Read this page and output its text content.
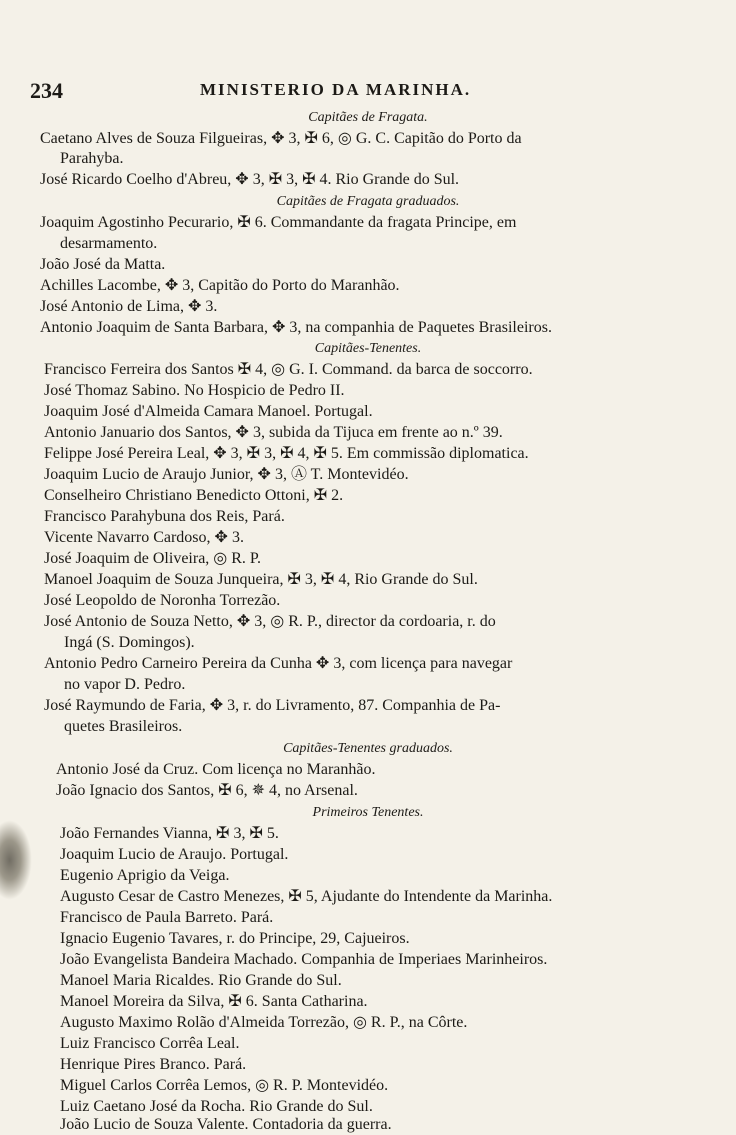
234	MINISTERIO DA MARINHA.
Capitães de Fragata.
Caetano Alves de Souza Filgueiras, ✥ 3, ✠ 6, ◎ G. C. Capitão do Porto da
Parahyba.
José Ricardo Coelho d'Abreu, ✥ 3, ✠ 3, ✠ 4. Rio Grande do Sul.
Capitães de Fragata graduados.
Joaquim Agostinho Pecurario, ✠ 6. Commandante da fragata Principe, em
desarmamento.
João José da Matta.
Achilles Lacombe, ✥ 3, Capitão do Porto do Maranhão.
José Antonio de Lima, ✥ 3.
Antonio Joaquim de Santa Barbara, ✥ 3, na companhia de Paquetes Brasileiros.
Capitães-Tenentes.
Francisco Ferreira dos Santos ✠ 4, ◎ G. I. Command. da barca de soccorro.
José Thomaz Sabino. No Hospicio de Pedro II.
Joaquim José d'Almeida Camara Manoel. Portugal.
Antonio Januario dos Santos, ✥ 3, subida da Tijuca em frente ao n.º 39.
Felippe José Pereira Leal, ✥ 3, ✠ 3, ✠ 4, ✠ 5. Em commissão diplomatica.
Joaquim Lucio de Araujo Junior, ✥ 3, Ⓐ T. Montevidéo.
Conselheiro Christiano Benedicto Ottoni, ✠ 2.
Francisco Parahybuna dos Reis, Pará.
Vicente Navarro Cardoso, ✥ 3.
José Joaquim de Oliveira, ◎ R. P.
Manoel Joaquim de Souza Junqueira, ✠ 3, ✠ 4, Rio Grande do Sul.
José Leopoldo de Noronha Torrezão.
José Antonio de Souza Netto, ✥ 3, ◎ R. P., director da cordoaria, r. do
Ingá (S. Domingos).
Antonio Pedro Carneiro Pereira da Cunha ✥ 3, com licença para navegar
no vapor D. Pedro.
José Raymundo de Faria, ✥ 3, r. do Livramento, 87. Companhia de Pa-
quetes Brasileiros.
Capitães-Tenentes graduados.
Antonio José da Cruz. Com licença no Maranhão.
João Ignacio dos Santos, ✠ 6, ✵ 4, no Arsenal.
Primeiros Tenentes.
João Fernandes Vianna, ✠ 3, ✠ 5.
Joaquim Lucio de Araujo. Portugal.
Eugenio Aprigio da Veiga.
Augusto Cesar de Castro Menezes, ✠ 5, Ajudante do Intendente da Marinha.
Francisco de Paula Barreto. Pará.
Ignacio Eugenio Tavares, r. do Principe, 29, Cajueiros.
João Evangelista Bandeira Machado. Companhia de Imperiaes Marinheiros.
Manoel Maria Ricaldes. Rio Grande do Sul.
Manoel Moreira da Silva, ✠ 6. Santa Catharina.
Augusto Maximo Rolão d'Almeida Torrezão, ◎ R. P., na Côrte.
Luiz Francisco Corrêa Leal.
Henrique Pires Branco. Pará.
Miguel Carlos Corrêa Lemos, ◎ R. P. Montevidéo.
Luiz Caetano José da Rocha. Rio Grande do Sul.
João Lucio de Souza Valente. Contadoria da guerra.
